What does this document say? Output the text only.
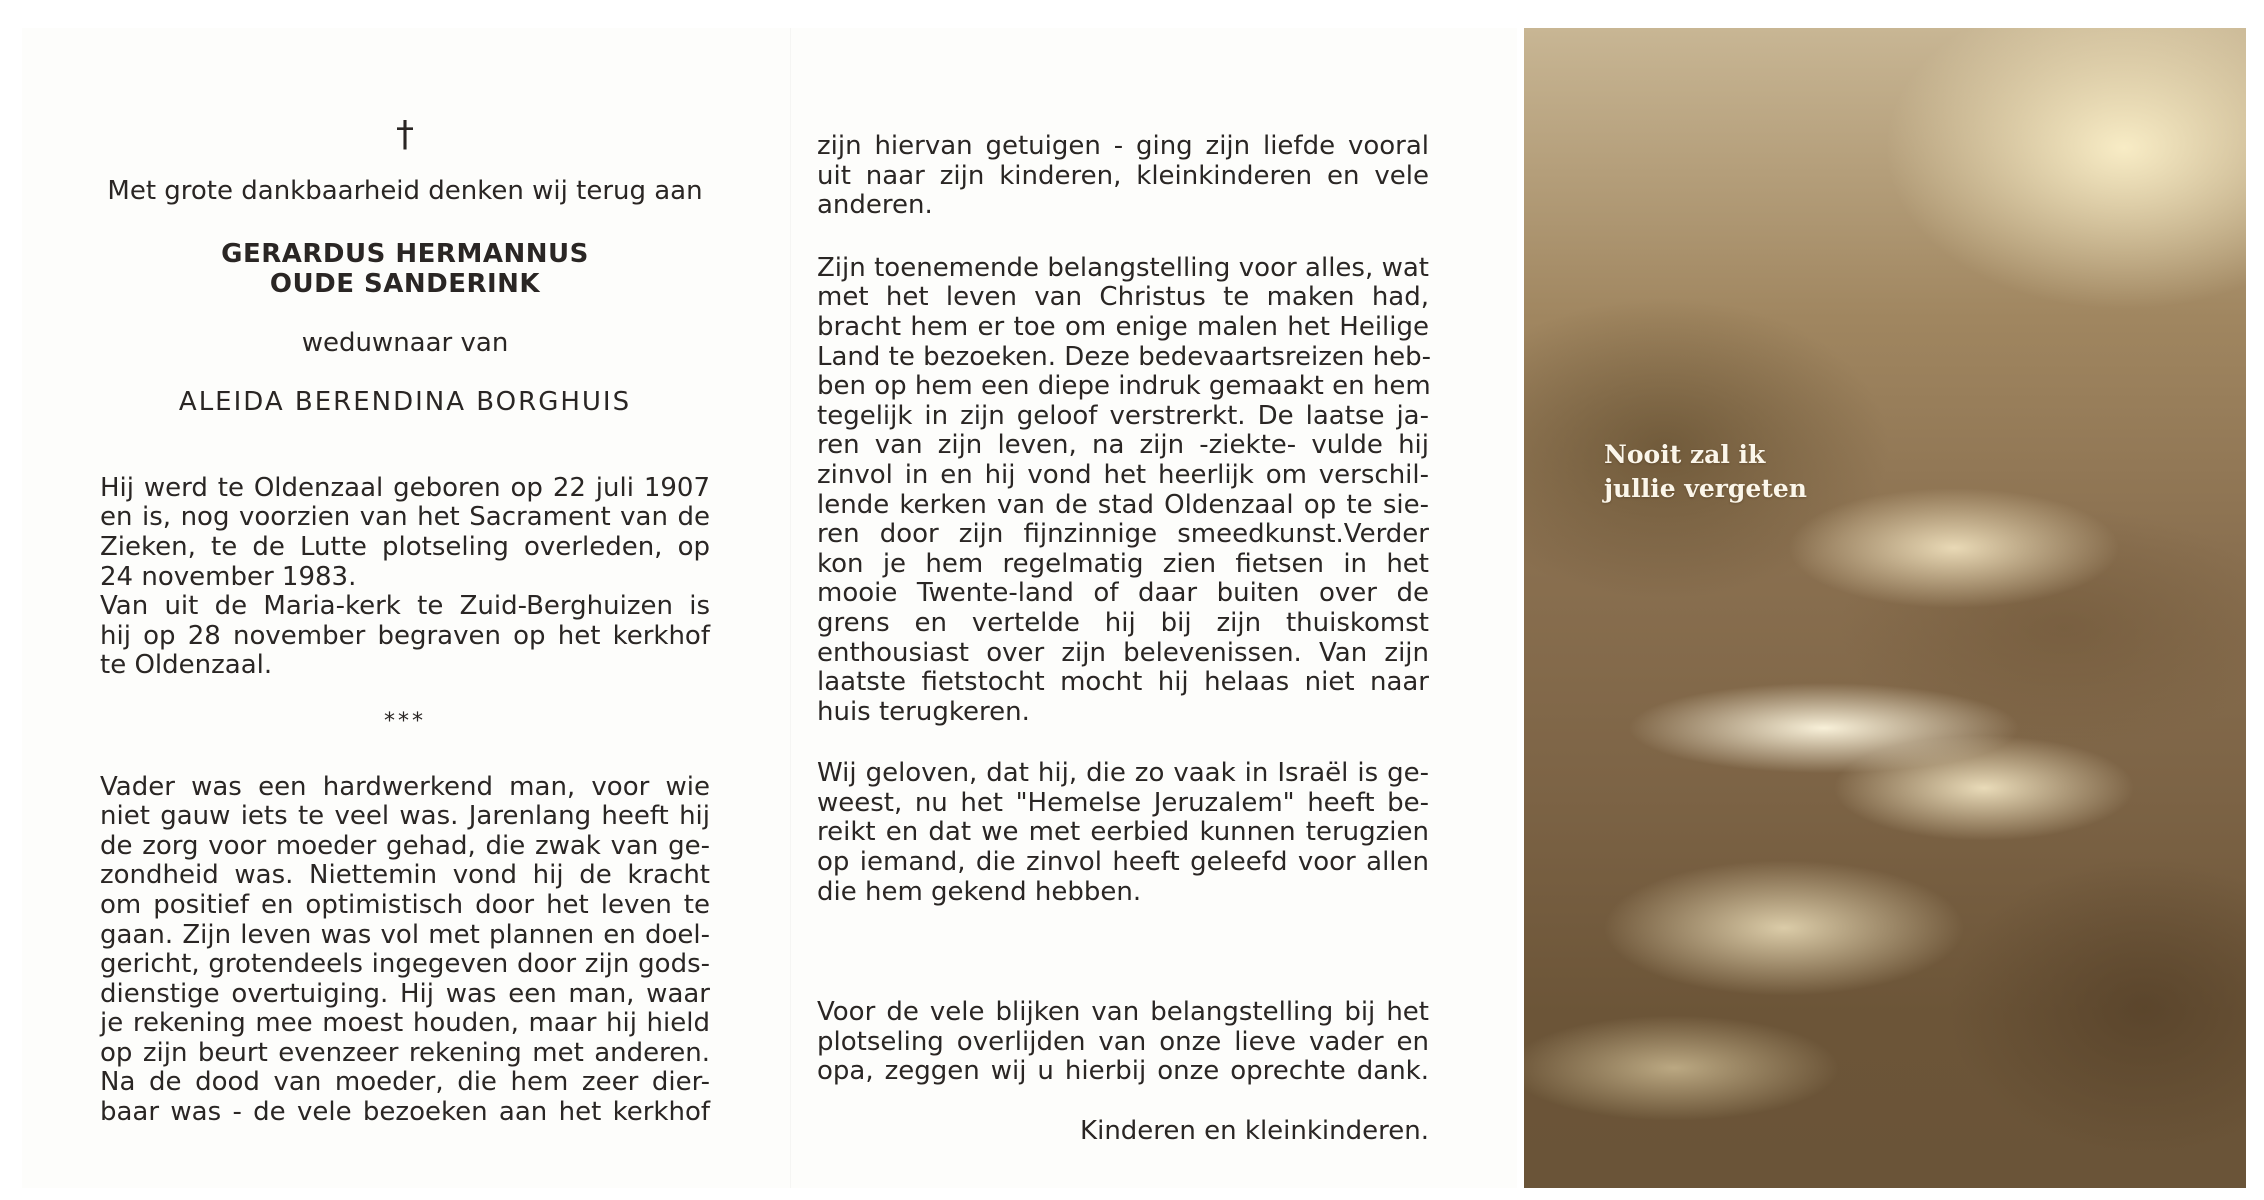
†
Met grote dankbaarheid denken wij terug aan
GERARDUS HERMANNUS
OUDE SANDERINK
weduwnaar van
ALEIDA BERENDINA BORGHUIS
Hij werd te Oldenzaal geboren op 22 juli 1907
en is, nog voorzien van het Sacrament van de
Zieken, te de Lutte plotseling overleden, op
24 november 1983.
Van uit de Maria-kerk te Zuid-Berghuizen is
hij op 28 november begraven op het kerkhof
te Oldenzaal.
***
Vader was een hardwerkend man, voor wie
niet gauw iets te veel was. Jarenlang heeft hij
de zorg voor moeder gehad, die zwak van ge-
zondheid was. Niettemin vond hij de kracht
om positief en optimistisch door het leven te
gaan. Zijn leven was vol met plannen en doel-
gericht, grotendeels ingegeven door zijn gods-
dienstige overtuiging. Hij was een man, waar
je rekening mee moest houden, maar hij hield
op zijn beurt evenzeer rekening met anderen.
Na de dood van moeder, die hem zeer dier-
baar was - de vele bezoeken aan het kerkhof
zijn hiervan getuigen - ging zijn liefde vooral
uit naar zijn kinderen, kleinkinderen en vele
anderen.
Zijn toenemende belangstelling voor alles, wat
met het leven van Christus te maken had,
bracht hem er toe om enige malen het Heilige
Land te bezoeken. Deze bedevaartsreizen heb-
ben op hem een diepe indruk gemaakt en hem
tegelijk in zijn geloof verstrerkt. De laatse ja-
ren van zijn leven, na zijn -ziekte- vulde hij
zinvol in en hij vond het heerlijk om verschil-
lende kerken van de stad Oldenzaal op te sie-
ren door zijn fijnzinnige smeedkunst.Verder
kon je hem regelmatig zien fietsen in het
mooie Twente-land of daar buiten over de
grens en vertelde hij bij zijn thuiskomst
enthousiast over zijn belevenissen. Van zijn
laatste fietstocht mocht hij helaas niet naar
huis terugkeren.
Wij geloven, dat hij, die zo vaak in Israël is ge-
weest, nu het "Hemelse Jeruzalem" heeft be-
reikt en dat we met eerbied kunnen terugzien
op iemand, die zinvol heeft geleefd voor allen
die hem gekend hebben.
Voor de vele blijken van belangstelling bij het
plotseling overlijden van onze lieve vader en
opa, zeggen wij u hierbij onze oprechte dank.
Kinderen en kleinkinderen.
Nooit zal ik
jullie vergeten
